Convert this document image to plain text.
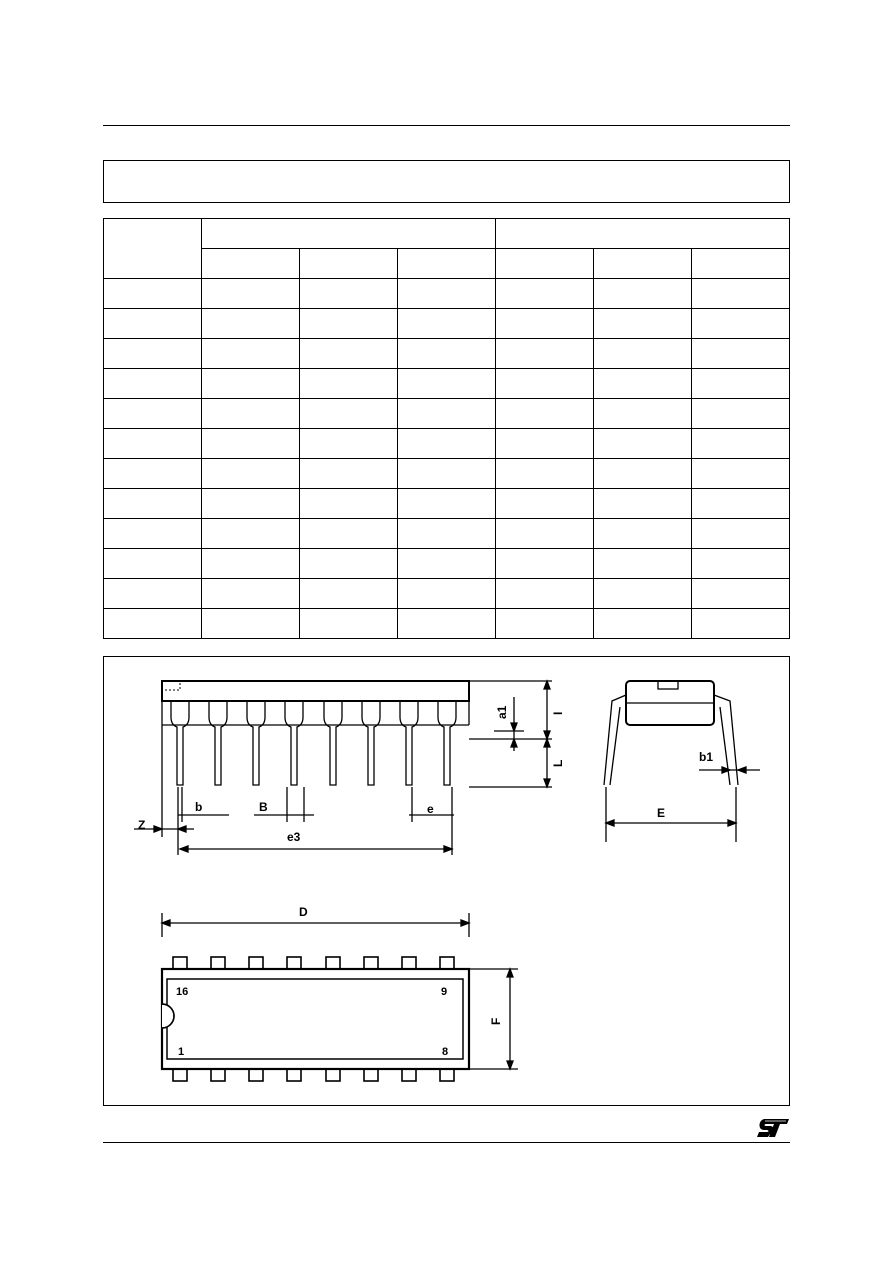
a1	I
L	b1
Z
b	B	e
e3
E
D
F
16	9
1	8
